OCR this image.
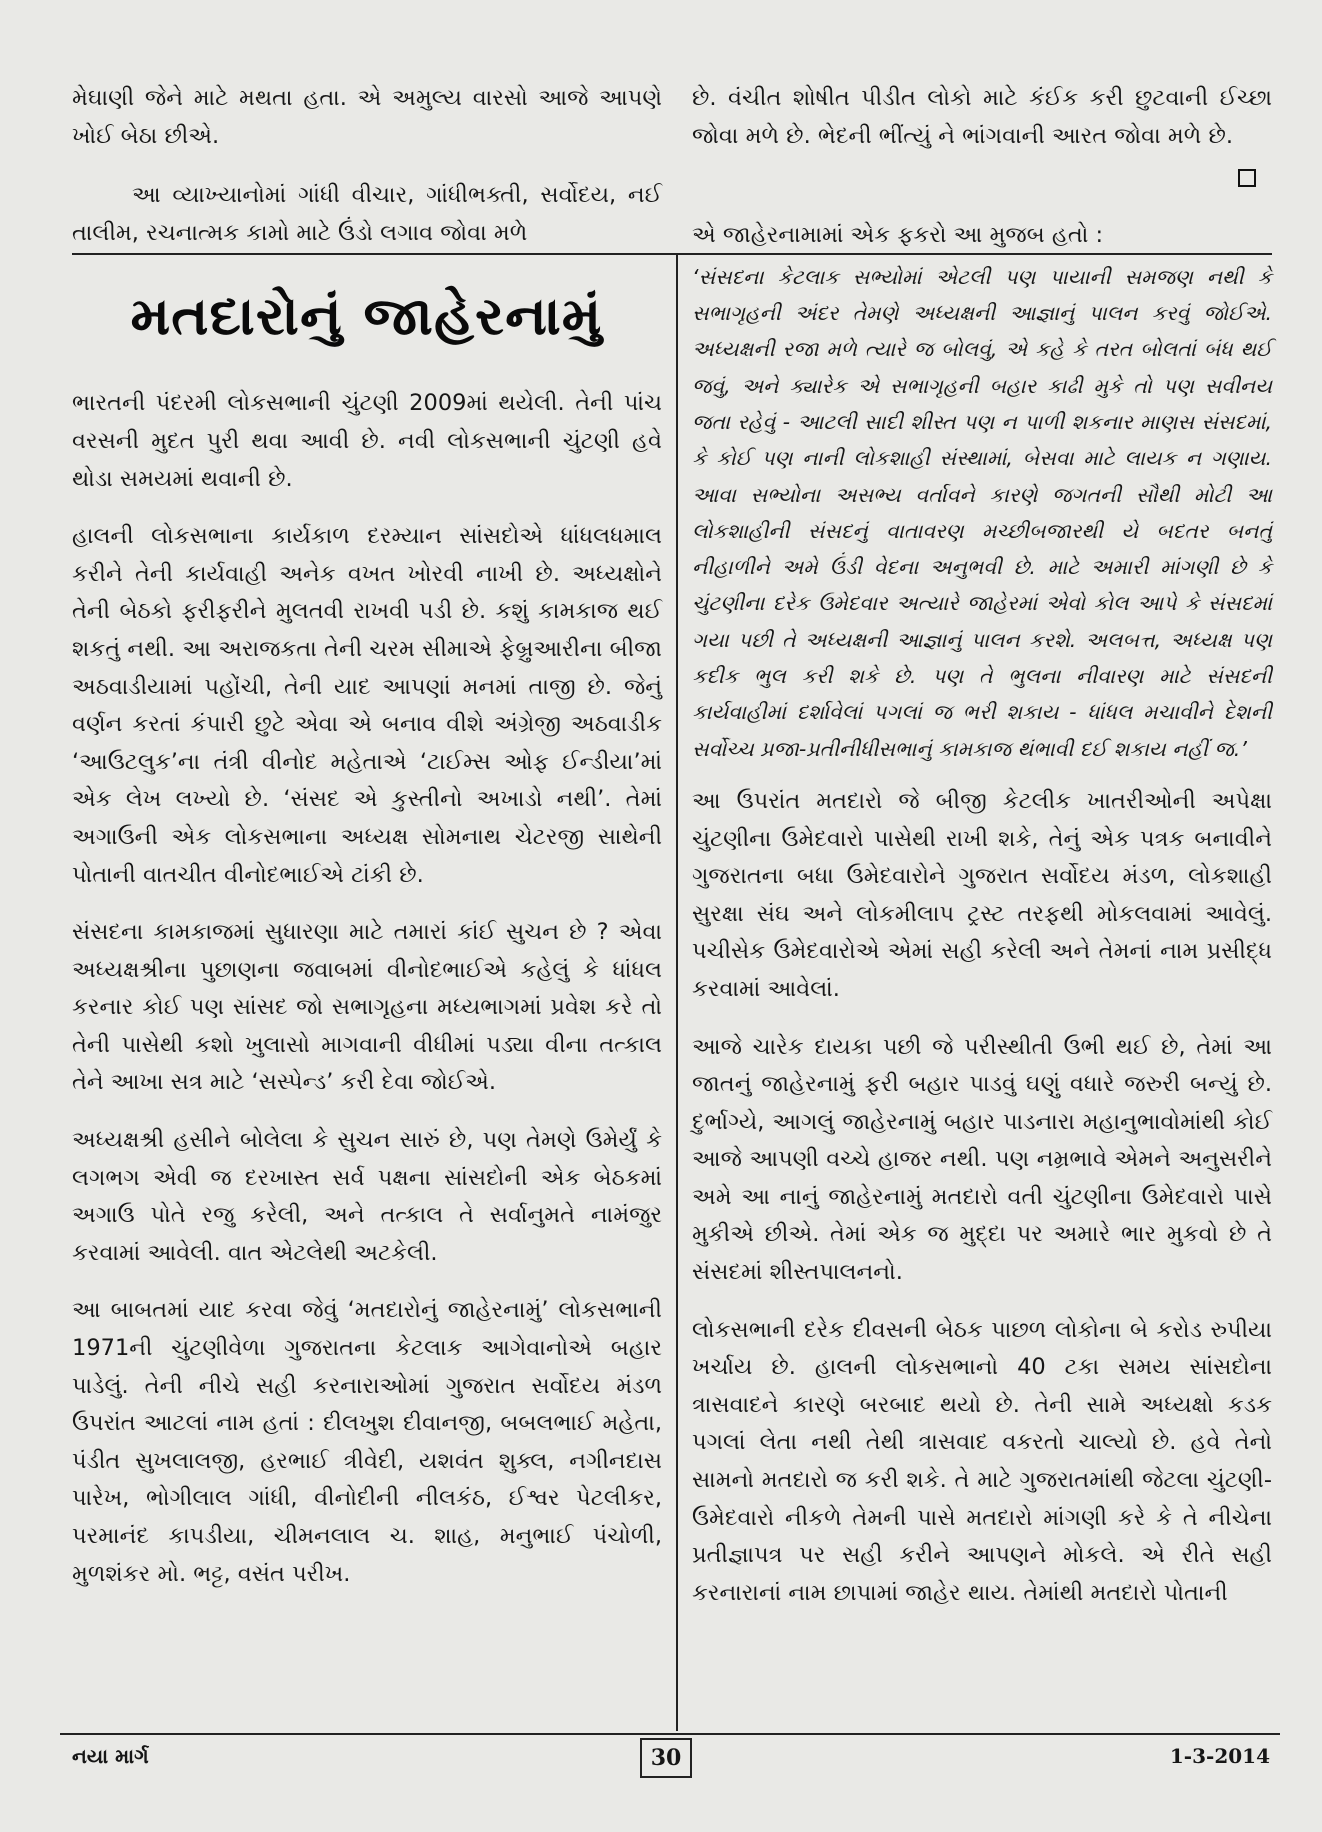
મેઘાણી જેને માટે મથતા હતા. એ અમુલ્ય વારસો આજે આપણે ખોઈ બેઠા છીએ.

આ વ્યાખ્યાનોમાં ગાંધી વીચાર, ગાંધીભક્તી, સર્વોદય, નઈ તાલીમ, રચનાત્મક કામો માટે ઉંડો લગાવ જોવા મળે

મતદારોનું જાહેરનામું

ભારતની પંદરમી લોકસભાની ચુંટણી 2009માં થયેલી. તેની પાંચ વરસની મુદત પુરી થવા આવી છે. નવી લોકસભાની ચુંટણી હવે થોડા સમયમાં થવાની છે.

હાલની લોકસભાના કાર્યકાળ દરમ્યાન સાંસદોએ ધાંધલધમાલ કરીને તેની કાર્યવાહી અનેક વખત ખોરવી નાખી છે. અધ્યક્ષોને તેની બેઠકો ફરીફરીને મુલતવી રાખવી પડી છે. કશું કામકાજ થઈ શકતું નથી. આ અરાજકતા તેની ચરમ સીમાએ ફેબ્રુઆરીના બીજા અઠવાડીયામાં પહોંચી, તેની યાદ આપણાં મનમાં તાજી છે. જેનું વર્ણન કરતાં કંપારી છુટે એવા એ બનાવ વીશે અંગ્રેજી અઠવાડીક ‘આઉટલુક’ના તંત્રી વીનોદ મહેતાએ ‘ટાઈમ્સ ઓફ ઈન્ડીયા’માં એક લેખ લખ્યો છે. ‘સંસદ એ કુસ્તીનો અખાડો નથી’. તેમાં અગાઉની એક લોકસભાના અધ્યક્ષ સોમનાથ ચેટરજી સાથેની પોતાની વાતચીત વીનોદભાઈએ ટાંકી છે.

સંસદના કામકાજમાં સુધારણા માટે તમારાં કાંઈ સુચન છે ? એવા અધ્યક્ષશ્રીના પુછાણના જવાબમાં વીનોદભાઈએ કહેલું કે ધાંધલ કરનાર કોઈ પણ સાંસદ જો સભાગૃહના મધ્યભાગમાં પ્રવેશ કરે તો તેની પાસેથી કશો ખુલાસો માગવાની વીધીમાં પડ્યા વીના તત્કાલ તેને આખા સત્ર માટે ‘સસ્પેન્ડ’ કરી દેવા જોઈએ.

અધ્યક્ષશ્રી હસીને બોલેલા કે સુચન સારું છે, પણ તેમણે ઉમેર્યું કે લગભગ એવી જ દરખાસ્ત સર્વ પક્ષના સાંસદોની એક બેઠકમાં અગાઉ પોતે રજુ કરેલી, અને તત્કાલ તે સર્વાનુમતે નામંજુર કરવામાં આવેલી. વાત એટલેથી અટકેલી.

આ બાબતમાં યાદ કરવા જેવું ‘મતદારોનું જાહેરનામું’ લોકસભાની 1971ની ચુંટણીવેળા ગુજરાતના કેટલાક આગેવાનોએ બહાર પાડેલું. તેની નીચે સહી કરનારાઓમાં ગુજરાત સર્વોદય મંડળ ઉપરાંત આટલાં નામ હતાં : દીલખુશ દીવાનજી, બબલભાઈ મહેતા, પંડીત સુખલાલજી, હરભાઈ ત્રીવેદી, યશવંત શુક્લ, નગીનદાસ પારેખ, ભોગીલાલ ગાંધી, વીનોદીની નીલકંઠ, ઈશ્વર પેટલીકર, પરમાનંદ કાપડીયા, ચીમનલાલ ચ. શાહ, મનુભાઈ પંચોળી, મુળશંકર મો. ભટ્ટ, વસંત પરીખ.

છે. વંચીત શોષીત પીડીત લોકો માટે કંઈક કરી છુટવાની ઈચ્છા જોવા મળે છે. ભેદની ભીંત્યું ને ભાંગવાની આરત જોવા મળે છે.

એ જાહેરનામામાં એક ફકરો આ મુજબ હતો :

‘સંસદના કેટલાક સભ્યોમાં એટલી પણ પાયાની સમજણ નથી કે સભાગૃહની અંદર તેમણે અધ્યક્ષની આજ્ઞાનું પાલન કરવું જોઈએ. અધ્યક્ષની રજા મળે ત્યારે જ બોલવું, એ કહે કે તરત બોલતાં બંધ થઈ જવું, અને ક્યારેક એ સભાગૃહની બહાર કાઢી મુકે તો પણ સવીનય જતા રહેવું - આટલી સાદી શીસ્ત પણ ન પાળી શકનાર માણસ સંસદમાં, કે કોઈ પણ નાની લોકશાહી સંસ્થામાં, બેસવા માટે લાયક ન ગણાય. આવા સભ્યોના અસભ્ય વર્તાવને કારણે જગતની સૌથી મોટી આ લોકશાહીની સંસદનું વાતાવરણ મચ્છીબજારથી યે બદતર બનતું નીહાળીને અમે ઉંડી વેદના અનુભવી છે. માટે અમારી માંગણી છે કે ચુંટણીના દરેક ઉમેદવાર અત્યારે જાહેરમાં એવો કોલ આપે કે સંસદમાં ગયા પછી તે અધ્યક્ષની આજ્ઞાનું પાલન કરશે. અલબત્ત, અધ્યક્ષ પણ કદીક ભુલ કરી શકે છે. પણ તે ભુલના નીવારણ માટે સંસદની કાર્યવાહીમાં દર્શાવેલાં પગલાં જ ભરી શકાય - ધાંધલ મચાવીને દેશની સર્વોચ્ચ પ્રજા-પ્રતીનીધીસભાનું કામકાજ થંભાવી દઈ શકાય નહીં જ.’

આ ઉપરાંત મતદારો જે બીજી કેટલીક ખાતરીઓની અપેક્ષા ચુંટણીના ઉમેદવારો પાસેથી રાખી શકે, તેનું એક પત્રક બનાવીને ગુજરાતના બધા ઉમેદવારોને ગુજરાત સર્વોદય મંડળ, લોકશાહી સુરક્ષા સંઘ અને લોકમીલાપ ટ્રસ્ટ તરફથી મોકલવામાં આવેલું. પચીસેક ઉમેદવારોએ એમાં સહી કરેલી અને તેમનાં નામ પ્રસીદ્ધ કરવામાં આવેલાં.

આજે ચારેક દાયકા પછી જે પરીસ્થીતી ઉભી થઈ છે, તેમાં આ જાતનું જાહેરનામું ફરી બહાર પાડવું ઘણું વધારે જરુરી બન્યું છે. દુર્ભાગ્યે, આગલું જાહેરનામું બહાર પાડનારા મહાનુભાવોમાંથી કોઈ આજે આપણી વચ્ચે હાજર નથી. પણ નમ્રભાવે એમને અનુસરીને અમે આ નાનું જાહેરનામું મતદારો વતી ચુંટણીના ઉમેદવારો પાસે મુકીએ છીએ. તેમાં એક જ મુદ્દા પર અમારે ભાર મુકવો છે તે સંસદમાં શીસ્તપાલનનો.

લોકસભાની દરેક દીવસની બેઠક પાછળ લોકોના બે કરોડ રુપીયા ખર્ચાય છે. હાલની લોકસભાનો 40 ટકા સમય સાંસદોના ત્રાસવાદને કારણે બરબાદ થયો છે. તેની સામે અધ્યક્ષો કડક પગલાં લેતા નથી તેથી ત્રાસવાદ વકરતો ચાલ્યો છે. હવે તેનો સામનો મતદારો જ કરી શકે. તે માટે ગુજરાતમાંથી જેટલા ચુંટણી-ઉમેદવારો નીકળે તેમની પાસે મતદારો માંગણી કરે કે તે નીચેના પ્રતીજ્ઞાપત્ર પર સહી કરીને આપણને મોકલે. એ રીતે સહી કરનારાનાં નામ છાપામાં જાહેર થાય. તેમાંથી મતદારો પોતાની

નયા માર્ગ	30	1-3-2014
